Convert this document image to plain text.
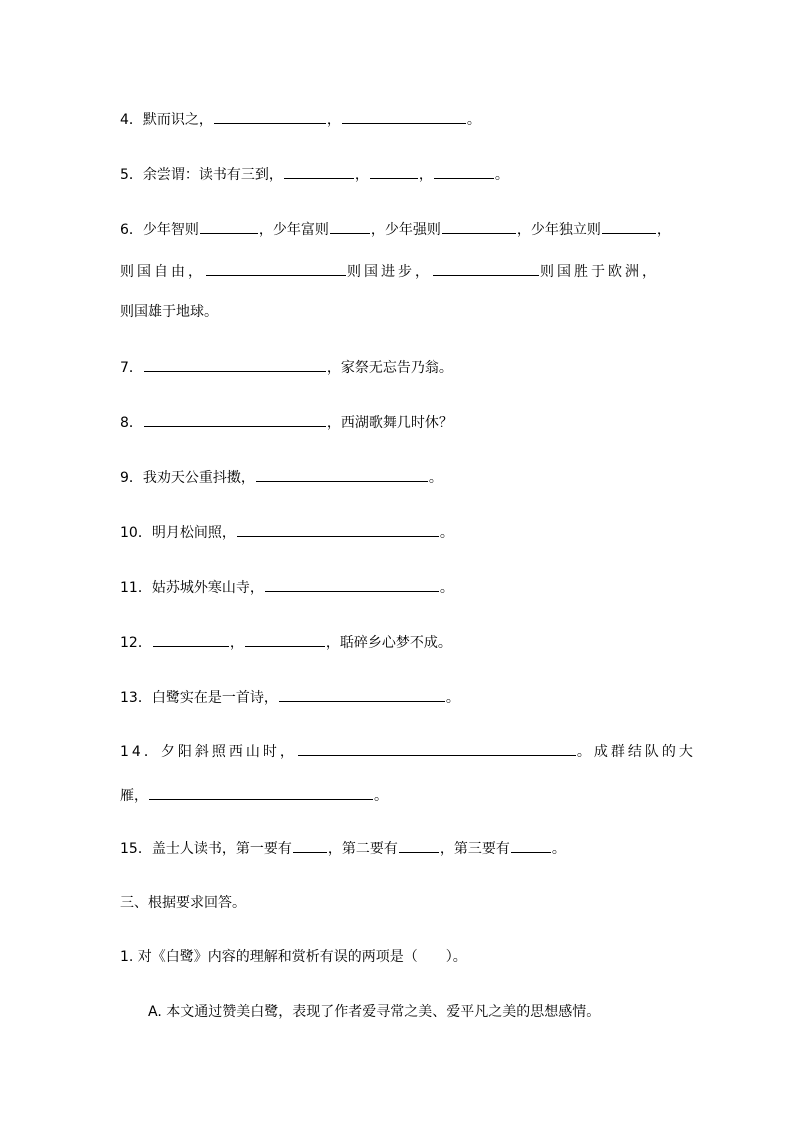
4．默而识之，	，	。
5．余尝谓：读书有三到，	，	，	。
6．少年智则	，少年富则	，少年强则	，少年独立则	，
则国自由，	则国进步，	则国胜于欧洲，
则国雄于地球。
7．	，家祭无忘告乃翁。
8．	，西湖歌舞几时休？
9．我劝天公重抖擞，	。
10．明月松间照，	。
11．姑苏城外寒山寺，	。
12．	，	，聒碎乡心梦不成。
13．白鹭实在是一首诗，	。
14．夕阳斜照西山时，	。成群结队的大
雁，	。
15．盖士人读书，第一要有	，第二要有	，第三要有	。
三、根据要求回答。
1. 对《白鹭》内容的理解和赏析有误的两项是（　　）。
A. 本文通过赞美白鹭，表现了作者爱寻常之美、爱平凡之美的思想感情。
